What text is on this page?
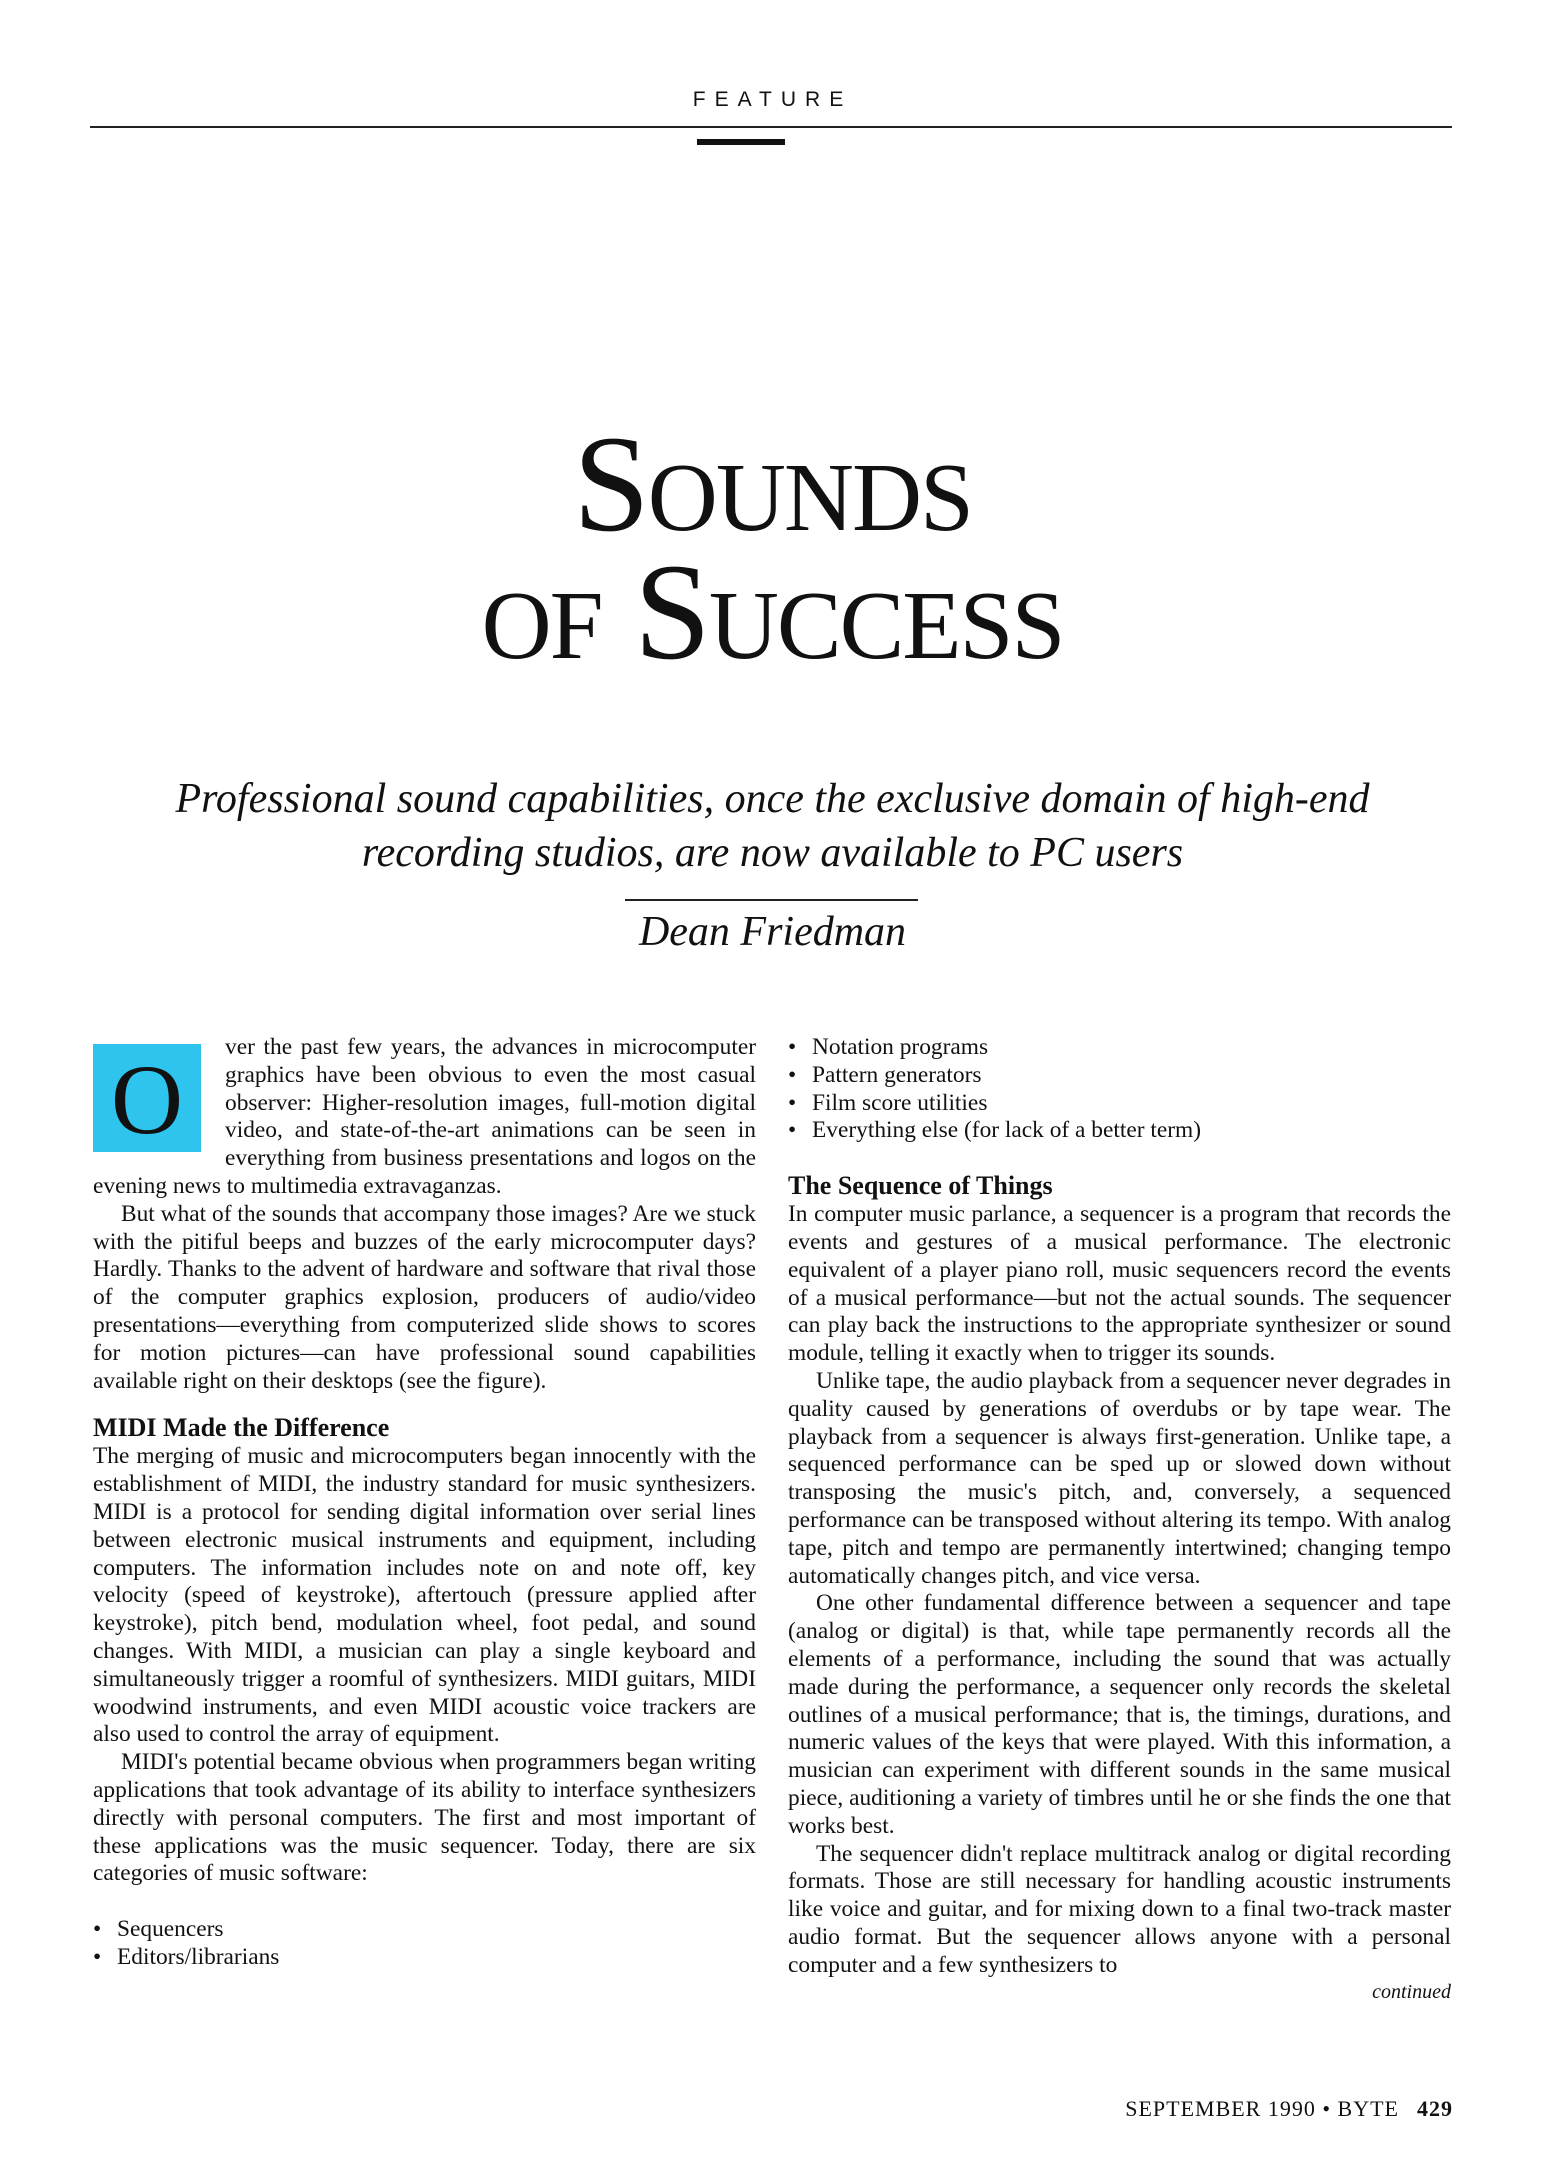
FEATURE
Sounds
of Success
Professional sound capabilities, once the exclusive domain of high-end recording studios, are now available to PC users
Dean Friedman

O	ver the past few years, the advances in microcomputer graphics have been obvious to even the most casual observer: Higher-resolution images, full-motion digital video, and state-of-the-art animations can be seen in everything from business presentations and logos on the evening news to multimedia extravaganzas.

But what of the sounds that accompany those images? Are we stuck with the pitiful beeps and buzzes of the early microcomputer days? Hardly. Thanks to the advent of hardware and software that rival those of the computer graphics explosion, producers of audio/video presentations—everything from computerized slide shows to scores for motion pictures—can have professional sound capabilities available right on their desktops (see the figure).

MIDI Made the Difference

The merging of music and microcomputers began innocently with the establishment of MIDI, the industry standard for music synthesizers. MIDI is a protocol for sending digital information over serial lines between electronic musical instruments and equipment, including computers. The information includes note on and note off, key velocity (speed of keystroke), aftertouch (pressure applied after keystroke), pitch bend, modulation wheel, foot pedal, and sound changes. With MIDI, a musician can play a single keyboard and simultaneously trigger a roomful of synthesizers. MIDI guitars, MIDI woodwind instruments, and even MIDI acoustic voice trackers are also used to control the array of equipment.

MIDI's potential became obvious when programmers began writing applications that took advantage of its ability to interface synthesizers directly with personal computers. The first and most important of these applications was the music sequencer. Today, there are six categories of music software:

• Sequencers
• Editors/librarians
• Notation programs
• Pattern generators
• Film score utilities
• Everything else (for lack of a better term)
The Sequence of Things

In computer music parlance, a sequencer is a program that records the events and gestures of a musical performance. The electronic equivalent of a player piano roll, music sequencers record the events of a musical performance—but not the actual sounds. The sequencer can play back the instructions to the appropriate synthesizer or sound module, telling it exactly when to trigger its sounds.

Unlike tape, the audio playback from a sequencer never degrades in quality caused by generations of overdubs or by tape wear. The playback from a sequencer is always first-generation. Unlike tape, a sequenced performance can be sped up or slowed down without transposing the music's pitch, and, conversely, a sequenced performance can be transposed without altering its tempo. With analog tape, pitch and tempo are permanently intertwined; changing tempo automatically changes pitch, and vice versa.

One other fundamental difference between a sequencer and tape (analog or digital) is that, while tape permanently records all the elements of a performance, including the sound that was actually made during the performance, a sequencer only records the skeletal outlines of a musical performance; that is, the timings, durations, and numeric values of the keys that were played. With this information, a musician can experiment with different sounds in the same musical piece, auditioning a variety of timbres until he or she finds the one that works best.

The sequencer didn't replace multitrack analog or digital recording formats. Those are still necessary for handling acoustic instruments like voice and guitar, and for mixing down to a final two-track master audio format. But the sequencer allows anyone with a personal computer and a few synthesizers to

continued
SEPTEMBER 1990 • BYTE 429
